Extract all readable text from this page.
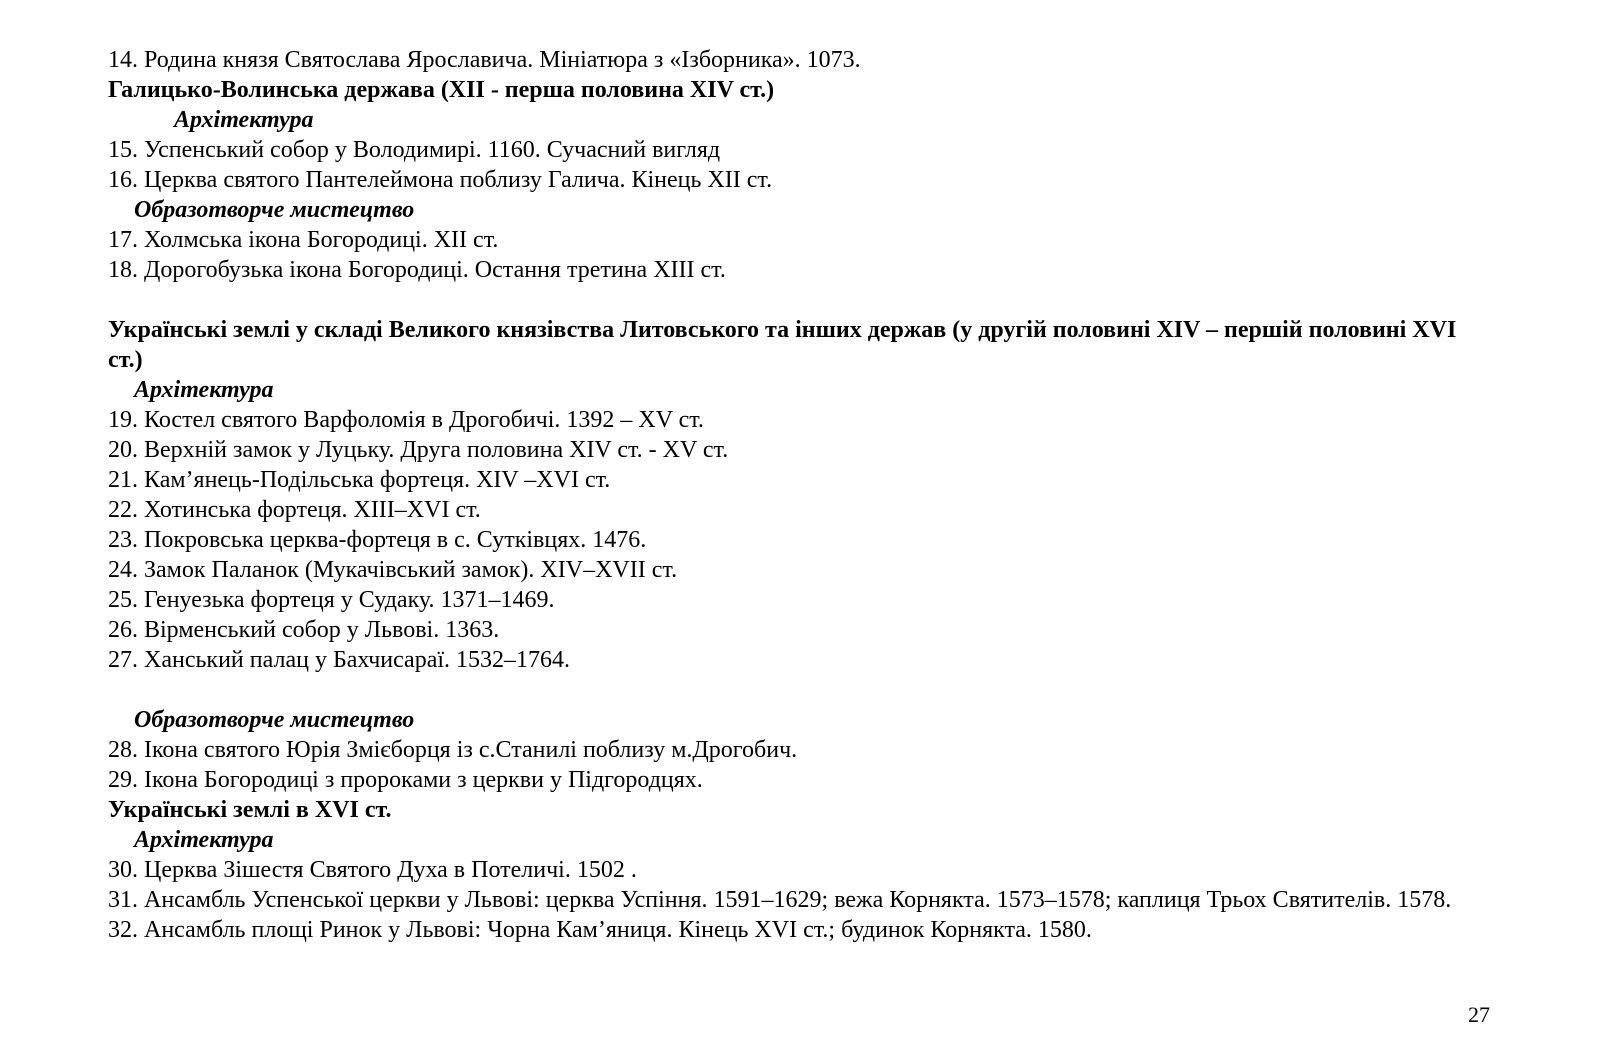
14. Родина князя Святослава Ярославича. Мініатюра з «Ізборника». 1073.
Галицько-Волинська держава (XII - перша половина XIV ст.)
Архітектура
15. Успенський собор у Володимирі. 1160. Сучасний вигляд
16. Церква святого Пантелеймона поблизу Галича. Кінець XII ст.
Образотворче мистецтво
17. Холмська ікона Богородиці. XII ст.
18. Дорогобузька ікона Богородиці. Остання третина XIII ст.
Українські землі у складі Великого князівства Литовського та інших держав (у другій половині XIV – першій половині XVI ст.)
Архітектура
19. Костел святого Варфоломія в Дрогобичі. 1392 – XV ст.
20. Верхній замок у Луцьку. Друга половина XIV ст. - XV ст.
21. Кам’янець-Подільська фортеця. XIV –XVI ст.
22. Хотинська фортеця. XIII–XVI ст.
23. Покровська церква-фортеця в с. Сутківцях. 1476.
24. Замок Паланок (Мукачівський замок). XIV–XVII ст.
25. Генуезька фортеця у Судаку. 1371–1469.
26. Вірменський собор у Львові. 1363.
27. Ханський палац у Бахчисараї. 1532–1764.
Образотворче мистецтво
28. Ікона святого Юрія Змієборця із с.Станилі поблизу м.Дрогобич.
29. Ікона Богородиці з пророками з церкви у Підгородцях.
Українські землі в XVI ст.
Архітектура
30. Церква Зішестя Святого Духа в Потеличі. 1502 .
31. Ансамбль Успенської церкви у Львові: церква Успіння. 1591–1629; вежа Корнякта. 1573–1578; каплиця Трьох Святителів. 1578.
32. Ансамбль площі Ринок у Львові: Чорна Кам’яниця. Кінець XVI ст.; будинок Корнякта. 1580.
27
